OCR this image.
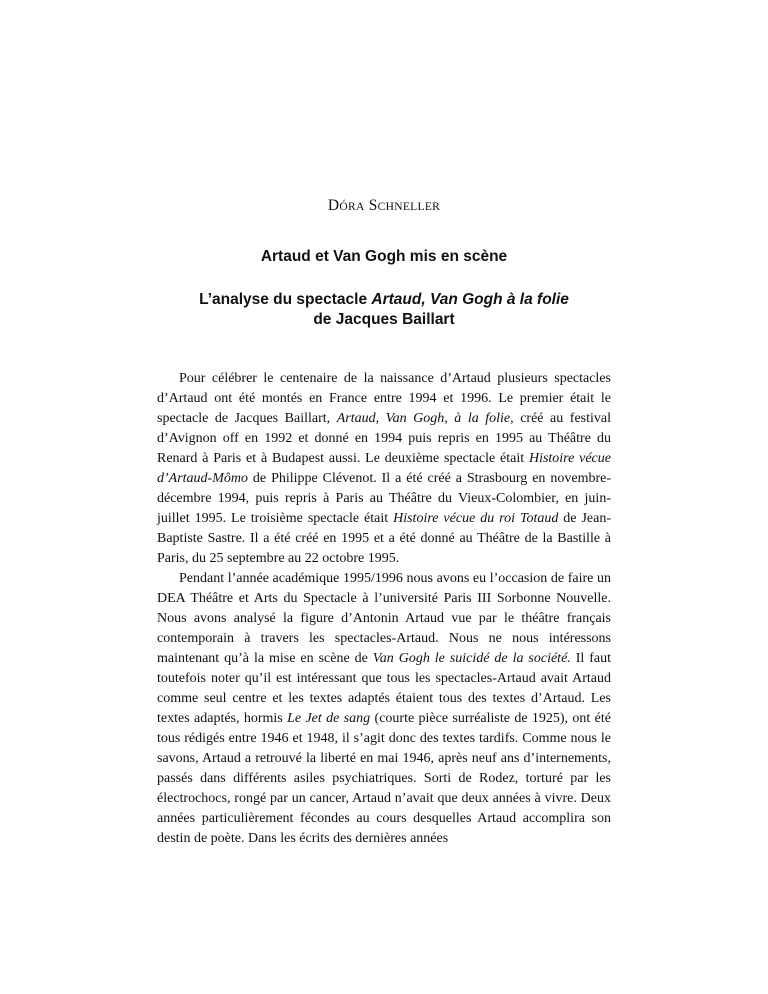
DÓRA SCHNELLER
Artaud et Van Gogh mis en scène
L’analyse du spectacle Artaud, Van Gogh à la folie de Jacques Baillart

Pour célébrer le centenaire de la naissance d’Artaud plusieurs spectacles d’Artaud ont été montés en France entre 1994 et 1996. Le premier était le spectacle de Jacques Baillart, Artaud, Van Gogh, à la folie, créé au festival d’Avignon off en 1992 et donné en 1994 puis repris en 1995 au Théâtre du Renard à Paris et à Budapest aussi. Le deuxième spectacle était Histoire vécue d’Artaud-Mômo de Philippe Clévenot. Il a été créé a Strasbourg en novembre-décembre 1994, puis repris à Paris au Théâtre du Vieux-Colombier, en juin-juillet 1995. Le troisième spectacle était Histoire vécue du roi Totaud de Jean-Baptiste Sastre. Il a été créé en 1995 et a été donné au Théâtre de la Bastille à Paris, du 25 septembre au 22 octobre 1995.

Pendant l’année académique 1995/1996 nous avons eu l’occasion de faire un DEA Théâtre et Arts du Spectacle à l’université Paris III Sorbonne Nouvelle. Nous avons analysé la figure d’Antonin Artaud vue par le théâtre français contemporain à travers les spectacles-Artaud. Nous ne nous intéressons maintenant qu’à la mise en scène de Van Gogh le suicidé de la société. Il faut toutefois noter qu’il est intéressant que tous les spectacles-Artaud avait Artaud comme seul centre et les textes adaptés étaient tous des textes d’Artaud. Les textes adaptés, hormis Le Jet de sang (courte pièce surréaliste de 1925), ont été tous rédigés entre 1946 et 1948, il s’agit donc des textes tardifs. Comme nous le savons, Artaud a retrouvé la liberté en mai 1946, après neuf ans d’internements, passés dans différents asiles psychiatriques. Sorti de Rodez, torturé par les électrochocs, rongé par un cancer, Artaud n’avait que deux années à vivre. Deux années particulièrement fécondes au cours desquelles Artaud accomplira son destin de poète. Dans les écrits des dernières années
